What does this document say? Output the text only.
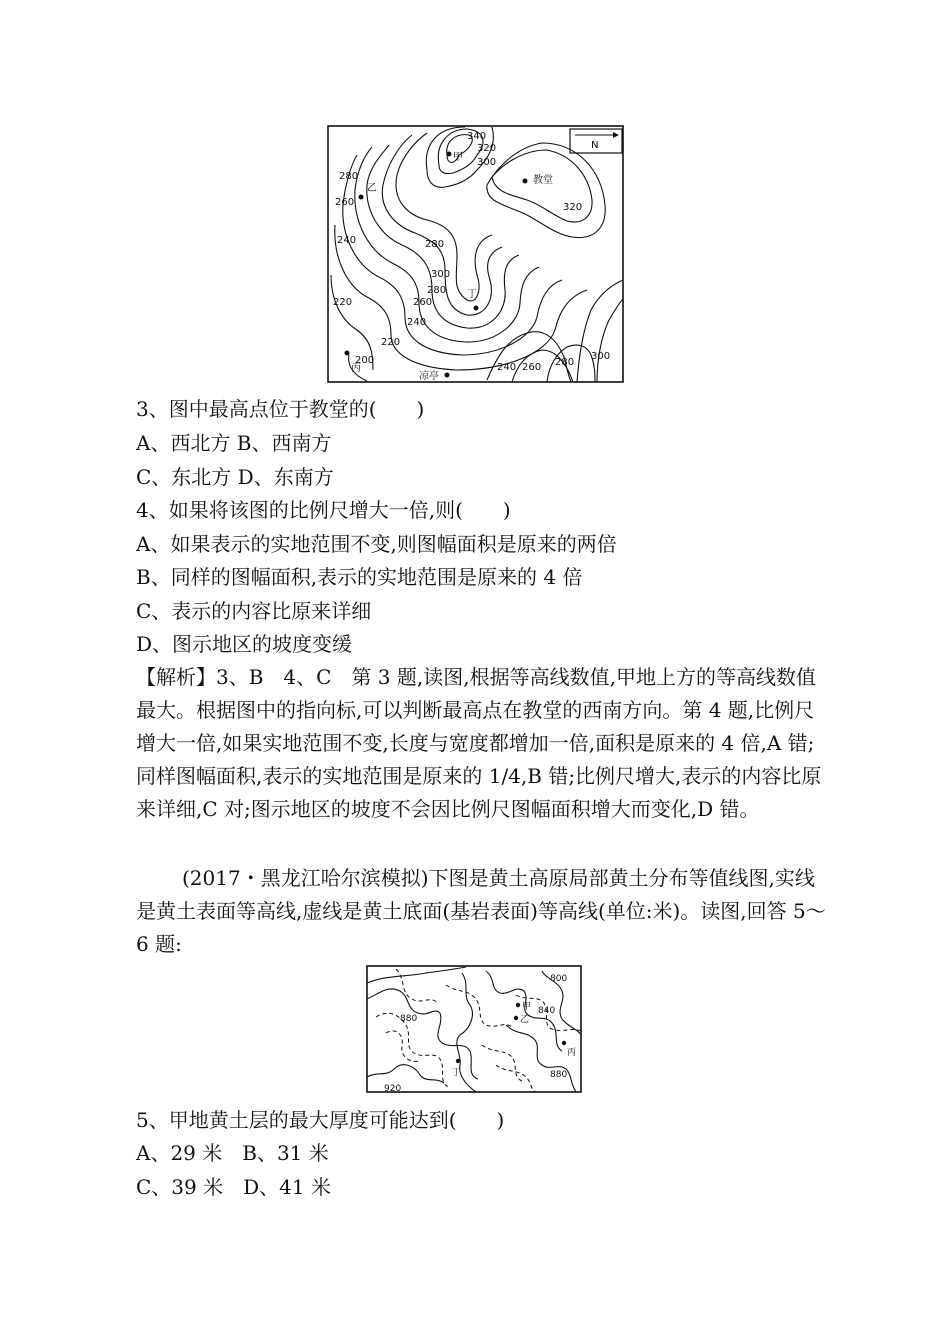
N
340
320
300
280
320
280
260
240
220
200
300
280
260
240
220
240 260 280
300
甲
乙
丁
丙
凉亭
教堂
3、图中最高点位于教堂的(　　)
A、西北方 B、西南方
C、东北方 D、东南方
4、如果将该图的比例尺增大一倍,则(　　)
A、如果表示的实地范围不变,则图幅面积是原来的两倍
B、同样的图幅面积,表示的实地范围是原来的 4 倍
C、表示的内容比原来详细
D、图示地区的坡度变缓
【解析】3、B　4、C　第 3 题,读图,根据等高线数值,甲地上方的等高线数值最大。根据图中的指向标,可以判断最高点在教堂的西南方向。第 4 题,比例尺增大一倍,如果实地范围不变,长度与宽度都增加一倍,面积是原来的 4 倍,A 错;同样图幅面积,表示的实地范围是原来的 1/4,B 错;比例尺增大,表示的内容比原来详细,C 对;图示地区的坡度不会因比例尺图幅面积增大而变化,D 错。
(2017・黑龙江哈尔滨模拟)下图是黄土高原局部黄土分布等值线图,实线是黄土表面等高线,虚线是黄土底面(基岩表面)等高线(单位:米)。读图,回答 5～6 题:
800
840
880
880
920
甲
乙
丙
丁
5、甲地黄土层的最大厚度可能达到(　　)
A、29 米　B、31 米
C、39 米　D、41 米
